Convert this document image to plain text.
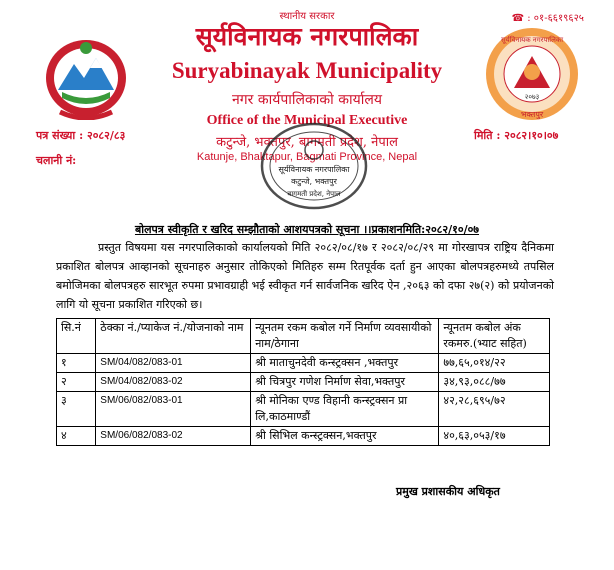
स्थानीय सरकार	☎ : ०१-६६१९६२५
सूर्यविनायक नगरपालिका
Suryabinayak Municipality
सूर्यविनायक नगरपालिका
२०७३
भक्तपुर
नगर कार्यपालिकाको कार्यालय
Office of the Municipal Executive
कटुन्जे, भक्तपुर, बागमती प्रदेश, नेपाल
Katunje, Bhaktapur, Bagmati Province, Nepal
पत्र संख्या : २०८२/८३
चलानी नं:
मिति : २०८२।१०।०७
सूर्यविनायक नगरपालिका
कटुन्जे, भक्तपुर
बागमती प्रदेश, नेपाल
बोलपत्र स्वीकृति र खरिद सम्झौताको आशयपत्रको सूचना ।।प्रकाशनमिति:२०८२/१०/०७

प्रस्तुत विषयमा यस नगरपालिकाको कार्यालयको मिति २०८२/०८/१७ र २०८२/०८/२९ मा गोरखापत्र राष्ट्रिय दैनिकमा प्रकाशित बोलपत्र आव्हानको सूचनाहरु अनुसार तोकिएको मितिहरु सम्म रितपूर्वक दर्ता हुन आएका बोलपत्रहरुमध्ये तपसिल बमोजिमका बोलपत्रहरु सारभूत रुपमा प्रभावग्राही भई स्वीकृत गर्न सार्वजनिक खरिद ऐन ,२०६३ को दफा २७(२) को प्रयोजनको लागि यो सूचना प्रकाशित गरिएको छ।

सि.नं	ठेक्का नं./प्याकेज नं./योजनाको नाम	न्यूनतम रकम कबोल गर्ने निर्माण व्यवसायीको नाम/ठेगाना	न्यूनतम कबोल अंक रकमरु.(भ्याट सहित)
१	SM/04/082/083-01	श्री माताचुनदेवी कन्स्ट्रक्सन ,भक्तपुर	७७,६५,०१४/२२
२	SM/04/082/083-02	श्री चित्रपुर गणेश निर्माण सेवा,भक्तपुर	३४,९३,०८८/७७
३	SM/06/082/083-01	श्री मोनिका एण्ड विहानी कन्स्ट्रक्सन प्रा लि,काठमाण्डौं	४२,२८,६९५/७२
४	SM/06/082/083-02	श्री सिभिल कन्स्ट्रक्सन,भक्तपुर	४०,६३,०५३/१७
प्रमुख प्रशासकीय अधिकृत
